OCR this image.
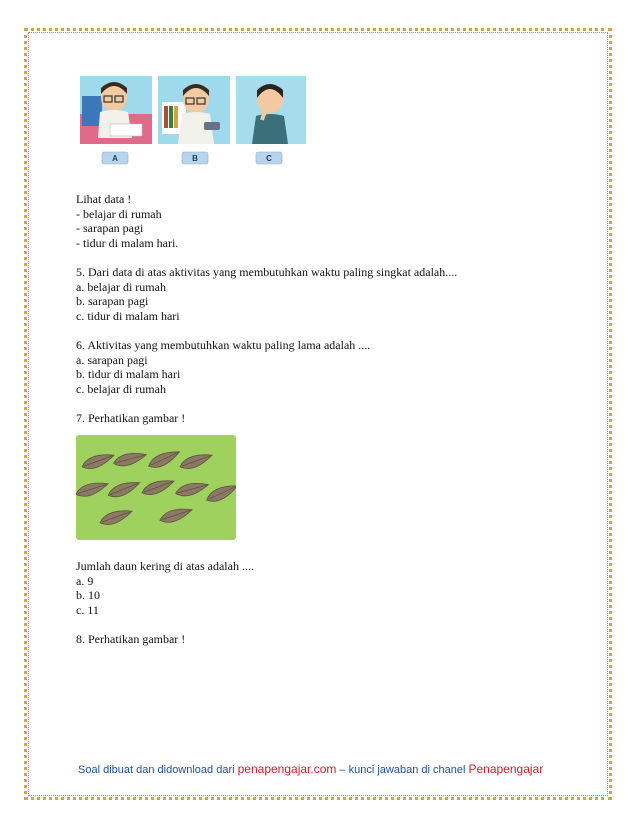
A	B	C
Lihat data !
- belajar di rumah
- sarapan pagi
- tidur di malam hari.

5. Dari data di atas aktivitas yang membutuhkan waktu paling singkat adalah....
a. belajar di rumah
b. sarapan pagi
c. tidur di malam hari

6. Aktivitas yang membutuhkan waktu paling lama adalah ....
a. sarapan pagi
b. tidur di malam hari
c. belajar di rumah

7. Perhatikan gambar !
Jumlah daun kering di atas adalah ....
a. 9
b. 10
c. 11

8. Perhatikan gambar !
Soal dibuat dan didownload dari penapengajar.com – kunci jawaban di chanel Penapengajar
